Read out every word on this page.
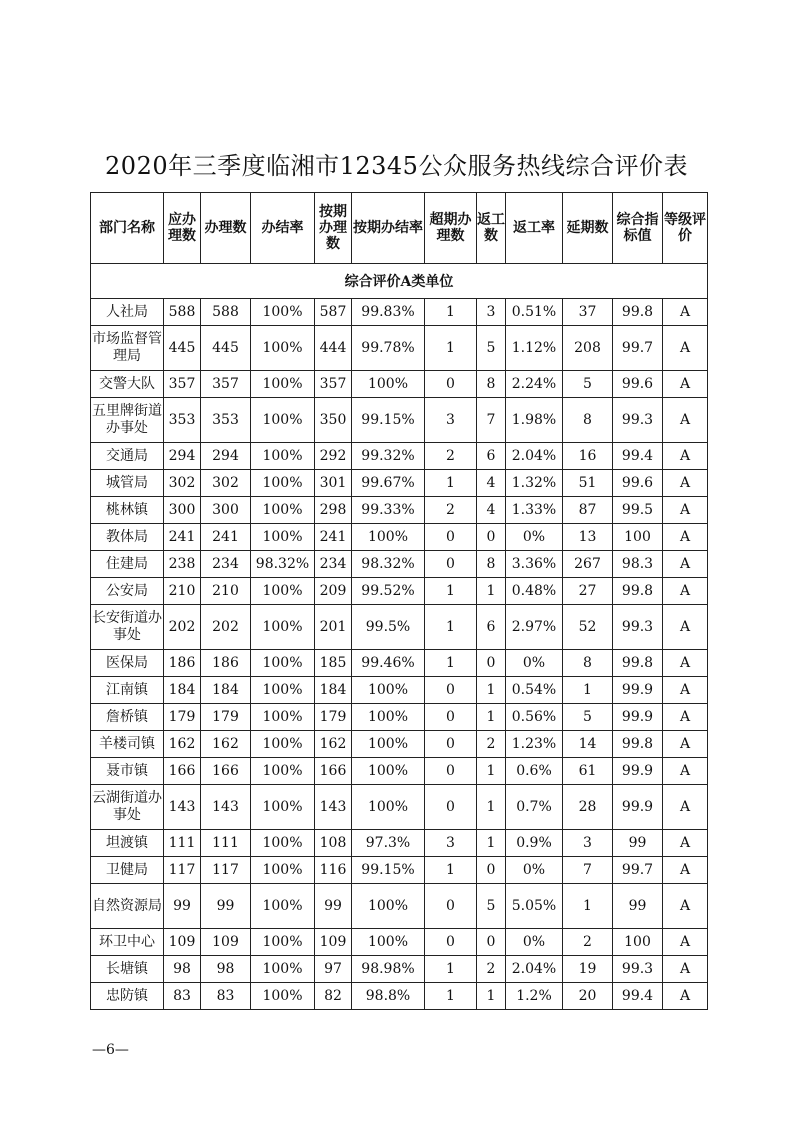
2020年三季度临湘市12345公众服务热线综合评价表
部门名称	应办理数	办理数	办结率	按期办理数	按期办结率	超期办理数	返工数	返工率	延期数	综合指标值	等级评价
综合评价A类单位											
人社局	588	588	100%	587	99.83%	1	3	0.51%	37	99.8	A
市场监督管理局	445	445	100%	444	99.78%	1	5	1.12%	208	99.7	A
交警大队	357	357	100%	357	100%	0	8	2.24%	5	99.6	A
五里牌街道办事处	353	353	100%	350	99.15%	3	7	1.98%	8	99.3	A
交通局	294	294	100%	292	99.32%	2	6	2.04%	16	99.4	A
城管局	302	302	100%	301	99.67%	1	4	1.32%	51	99.6	A
桃林镇	300	300	100%	298	99.33%	2	4	1.33%	87	99.5	A
教体局	241	241	100%	241	100%	0	0	0%	13	100	A
住建局	238	234	98.32%	234	98.32%	0	8	3.36%	267	98.3	A
公安局	210	210	100%	209	99.52%	1	1	0.48%	27	99.8	A
长安街道办事处	202	202	100%	201	99.5%	1	6	2.97%	52	99.3	A
医保局	186	186	100%	185	99.46%	1	0	0%	8	99.8	A
江南镇	184	184	100%	184	100%	0	1	0.54%	1	99.9	A
詹桥镇	179	179	100%	179	100%	0	1	0.56%	5	99.9	A
羊楼司镇	162	162	100%	162	100%	0	2	1.23%	14	99.8	A
聂市镇	166	166	100%	166	100%	0	1	0.6%	61	99.9	A
云湖街道办事处	143	143	100%	143	100%	0	1	0.7%	28	99.9	A
坦渡镇	111	111	100%	108	97.3%	3	1	0.9%	3	99	A
卫健局	117	117	100%	116	99.15%	1	0	0%	7	99.7	A
自然资源局	99	99	100%	99	100%	0	5	5.05%	1	99	A
环卫中心	109	109	100%	109	100%	0	0	0%	2	100	A
长塘镇	98	98	100%	97	98.98%	1	2	2.04%	19	99.3	A
忠防镇	83	83	100%	82	98.8%	1	1	1.2%	20	99.4	A
—6—
